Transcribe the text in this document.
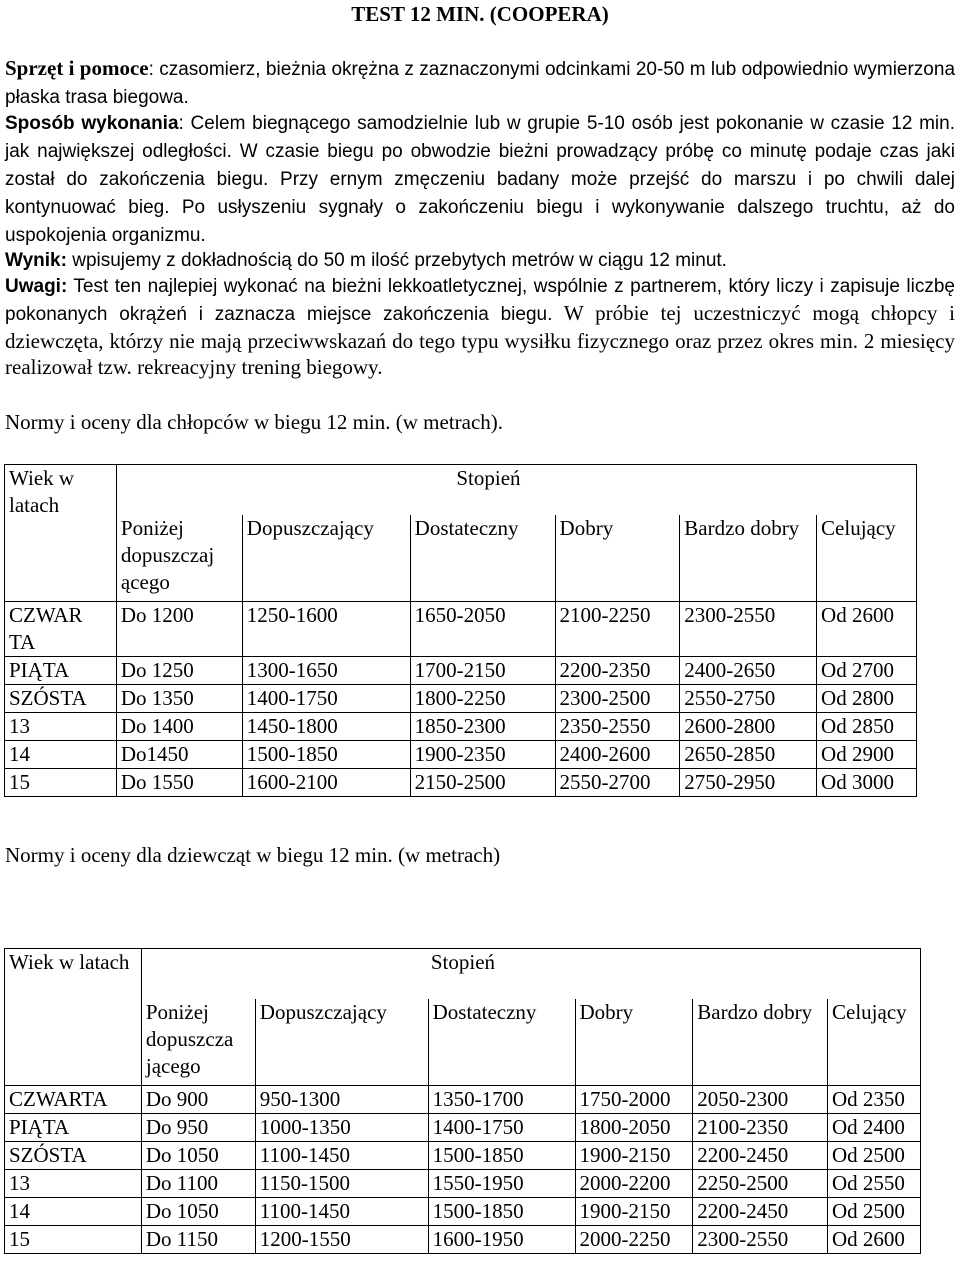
TEST 12 MIN. (COOPERA)
Sprzęt i pomoce: czasomierz, bieżnia okrężna z zaznaczonymi odcinkami 20-50 m lub odpowiednio wymierzona płaska trasa biegowa.
Sposób wykonania: Celem biegnącego samodzielnie lub w grupie 5-10 osób jest pokonanie w czasie 12 min. jak największej odległości. W czasie biegu po obwodzie bieżni prowadzący próbę co minutę podaje czas jaki został do zakończenia biegu. Przy ernym zmęczeniu badany może przejść do marszu i po chwili dalej kontynuować bieg. Po usłyszeniu sygnały o zakończeniu biegu i wykonywanie dalszego truchtu, aż do uspokojenia organizmu.
Wynik: wpisujemy z dokładnością do 50 m ilość przebytych metrów w ciągu 12 minut.
Uwagi: Test ten najlepiej wykonać na bieżni lekkoatletycznej, wspólnie z partnerem, który liczy i zapisuje liczbę pokonanych okrążeń i zaznacza miejsce zakończenia biegu. W próbie tej uczestniczyć mogą chłopcy i dziewczęta, którzy nie mają przeciwwskazań do tego typu wysiłku fizycznego oraz przez okres min. 2 miesięcy realizował tzw. rekreacyjny trening biegowy.
Normy i oceny dla chłopców w biegu 12 min. (w metrach).
Wiek w latach	Stopień					
	Poniżej dopuszczaj ącego	Dopuszczający	Dostateczny	Dobry	Bardzo dobry	Celujący
CZWAR TA	Do 1200	1250-1600	1650-2050	2100-2250	2300-2550	Od 2600
PIĄTA	Do 1250	1300-1650	1700-2150	2200-2350	2400-2650	Od 2700
SZÓSTA	Do 1350	1400-1750	1800-2250	2300-2500	2550-2750	Od 2800
13	Do 1400	1450-1800	1850-2300	2350-2550	2600-2800	Od 2850
14	Do1450	1500-1850	1900-2350	2400-2600	2650-2850	Od 2900
15	Do 1550	1600-2100	2150-2500	2550-2700	2750-2950	Od 3000
Normy i oceny dla dziewcząt w biegu 12 min. (w metrach)
Wiek w latach	Stopień					
	Poniżej dopuszcza jącego	Dopuszczający	Dostateczny	Dobry	Bardzo dobry	Celujący
CZWARTA	Do 900	950-1300	1350-1700	1750-2000	2050-2300	Od 2350
PIĄTA	Do 950	1000-1350	1400-1750	1800-2050	2100-2350	Od 2400
SZÓSTA	Do 1050	1100-1450	1500-1850	1900-2150	2200-2450	Od 2500
13	Do 1100	1150-1500	1550-1950	2000-2200	2250-2500	Od 2550
14	Do 1050	1100-1450	1500-1850	1900-2150	2200-2450	Od 2500
15	Do 1150	1200-1550	1600-1950	2000-2250	2300-2550	Od 2600
